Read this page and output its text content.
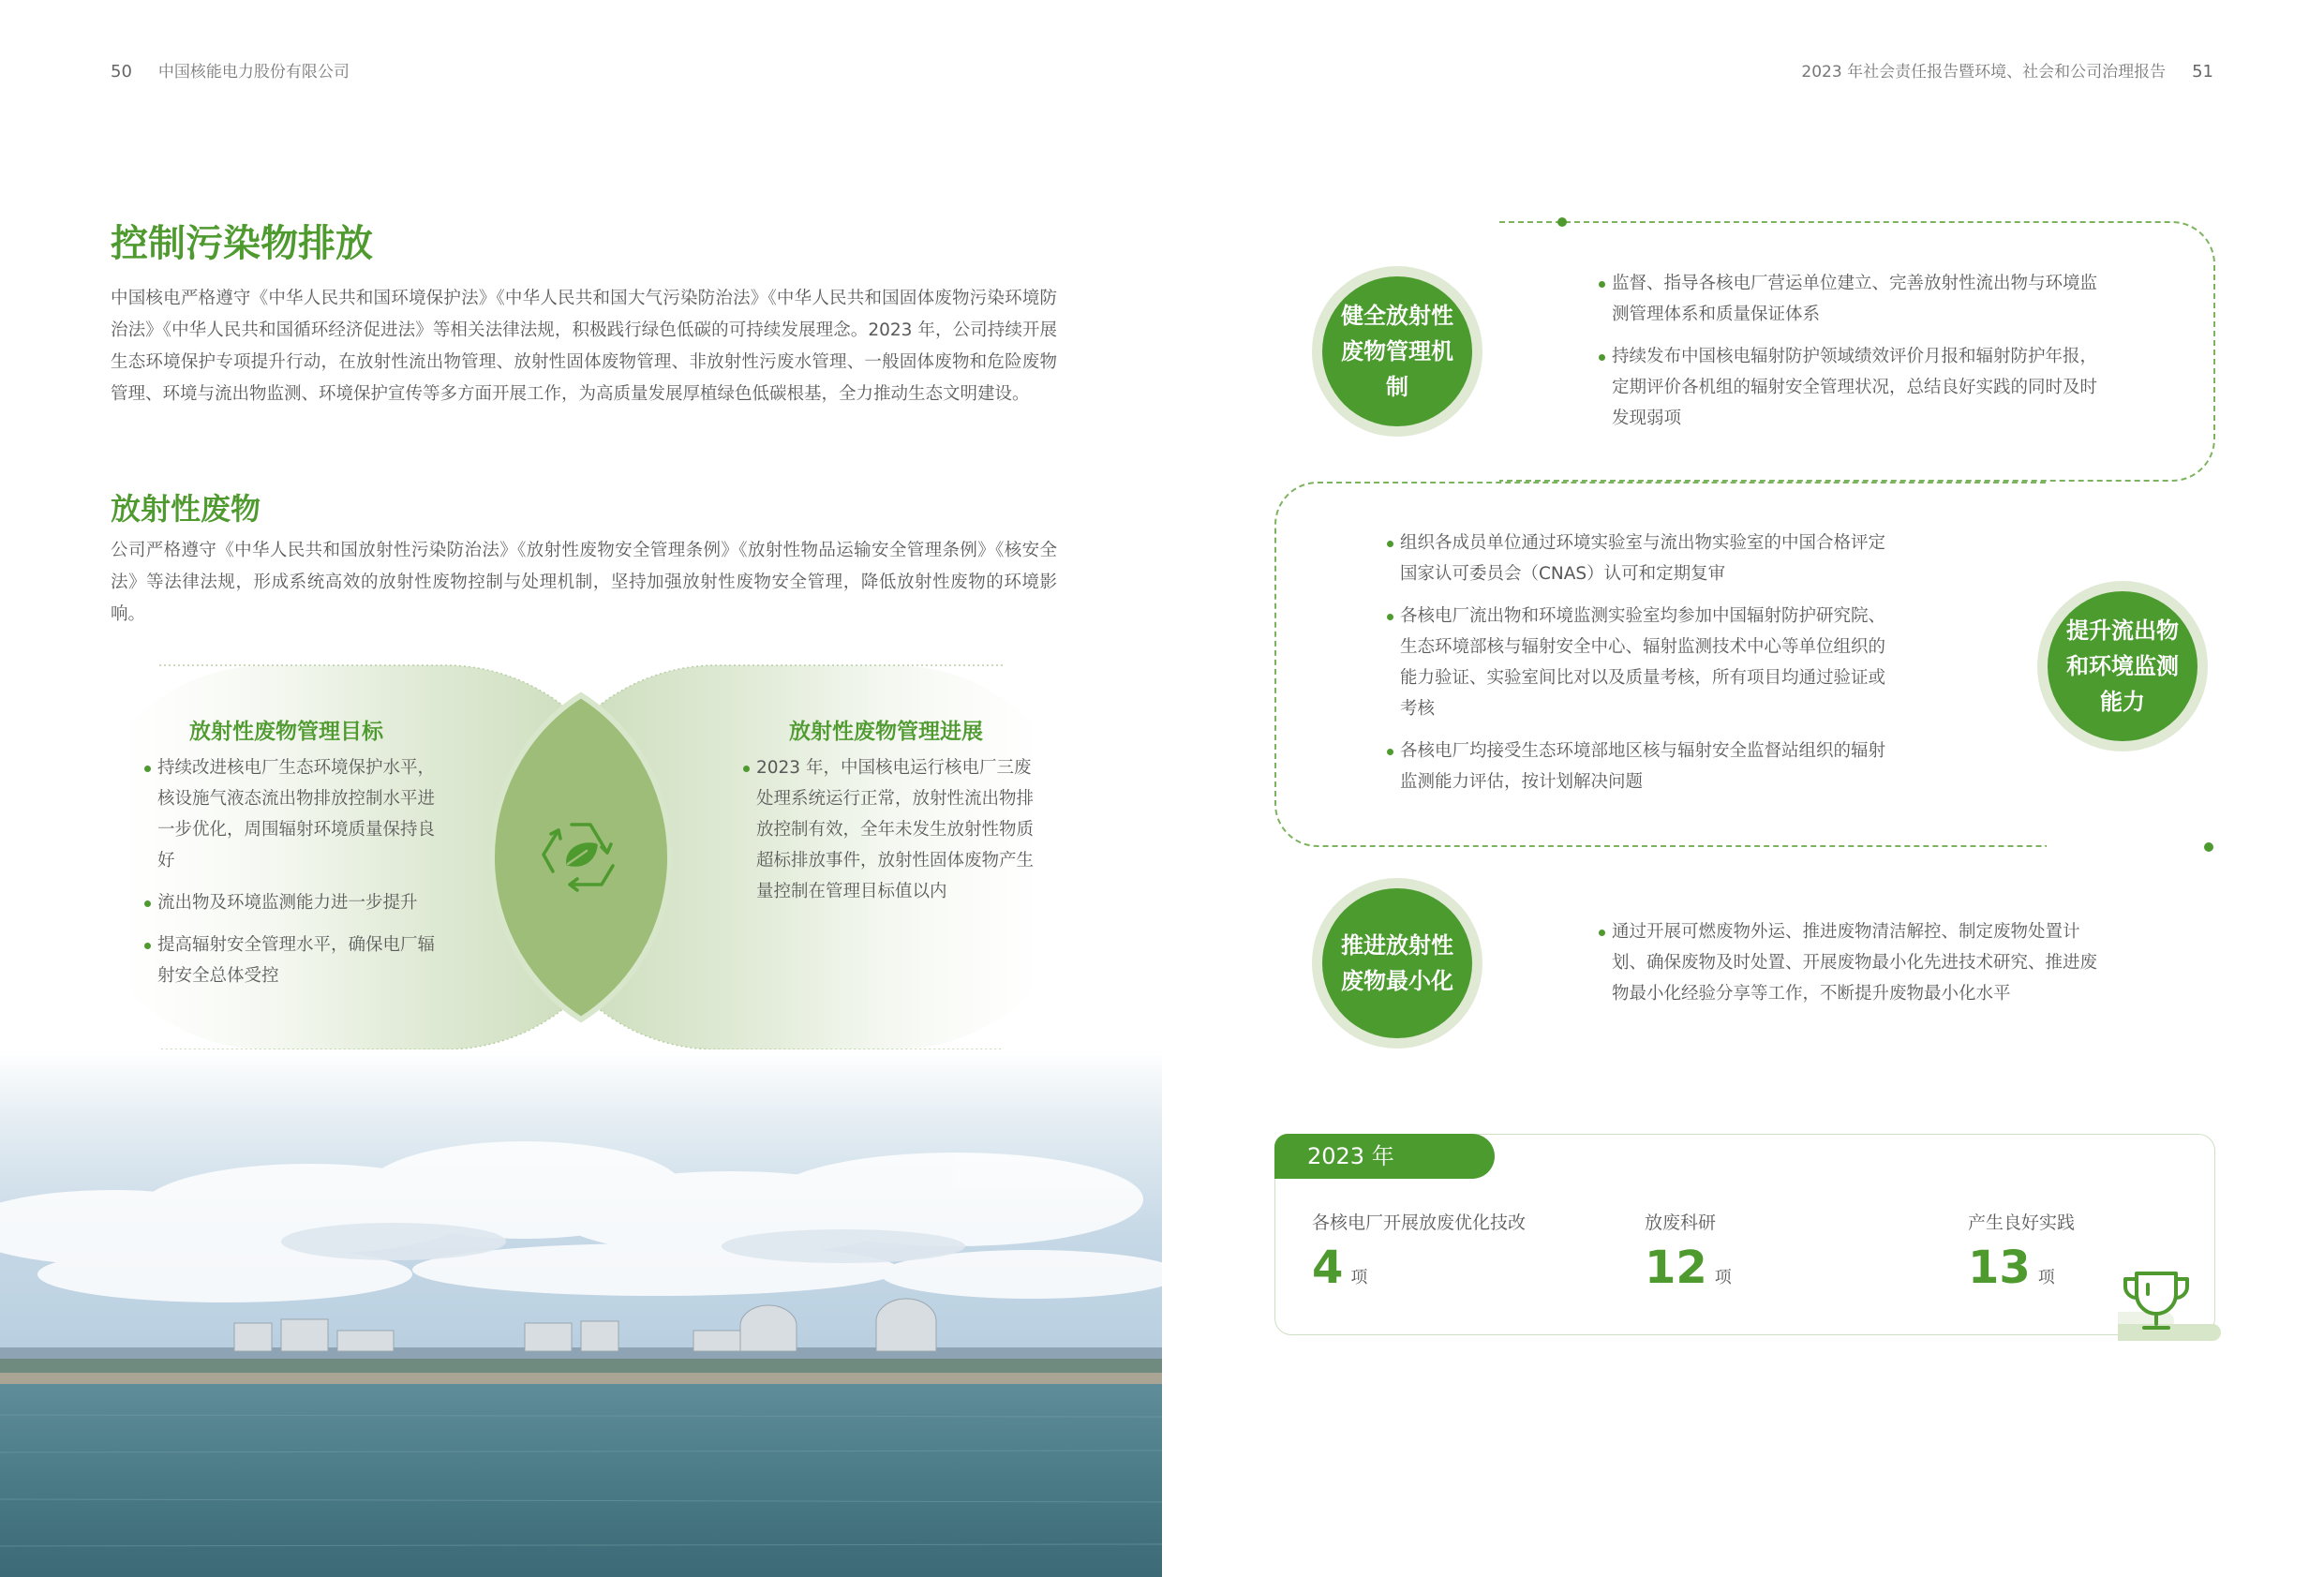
50 中国核能电力股份有限公司	2023 年社会责任报告暨环境、社会和公司治理报告 51
控制污染物排放

中国核电严格遵守《中华人民共和国环境保护法》《中华人民共和国大气污染防治法》《中华人民共和国固体废物污染环境防治法》《中华人民共和国循环经济促进法》等相关法律法规，积极践行绿色低碳的可持续发展理念。2023 年，公司持续开展生态环境保护专项提升行动，在放射性流出物管理、放射性固体废物管理、非放射性污废水管理、一般固体废物和危险废物管理、环境与流出物监测、环境保护宣传等多方面开展工作，为高质量发展厚植绿色低碳根基，全力推动生态文明建设。

放射性废物

公司严格遵守《中华人民共和国放射性污染防治法》《放射性废物安全管理条例》《放射性物品运输安全管理条例》《核安全法》等法律法规，形成系统高效的放射性废物控制与处理机制，坚持加强放射性废物安全管理，降低放射性废物的环境影响。

放射性废物管理目标
持续改进核电厂生态环境保护水平，核设施气液态流出物排放控制水平进一步优化，周围辐射环境质量保持良好
流出物及环境监测能力进一步提升
提高辐射安全管理水平，确保电厂辐射安全总体受控
放射性废物管理进展
2023 年，中国核电运行核电厂三废处理系统运行正常，放射性流出物排放控制有效，全年未发生放射性物质超标排放事件，放射性固体废物产生量控制在管理目标值以内
健全放射性废物管理机制
监督、指导各核电厂营运单位建立、完善放射性流出物与环境监测管理体系和质量保证体系
持续发布中国核电辐射防护领域绩效评价月报和辐射防护年报，定期评价各机组的辐射安全管理状况，总结良好实践的同时及时发现弱项
组织各成员单位通过环境实验室与流出物实验室的中国合格评定国家认可委员会（CNAS）认可和定期复审
各核电厂流出物和环境监测实验室均参加中国辐射防护研究院、生态环境部核与辐射安全中心、辐射监测技术中心等单位组织的能力验证、实验室间比对以及质量考核，所有项目均通过验证或考核
各核电厂均接受生态环境部地区核与辐射安全监督站组织的辐射监测能力评估，按计划解决问题
提升流出物和环境监测能力
推进放射性废物最小化
通过开展可燃废物外运、推进废物清洁解控、制定废物处置计划、确保废物及时处置、开展废物最小化先进技术研究、推进废物最小化经验分享等工作，不断提升废物最小化水平
2023 年
各核电厂开展放废优化技改
4 项
放废科研
12 项
产生良好实践
13 项
